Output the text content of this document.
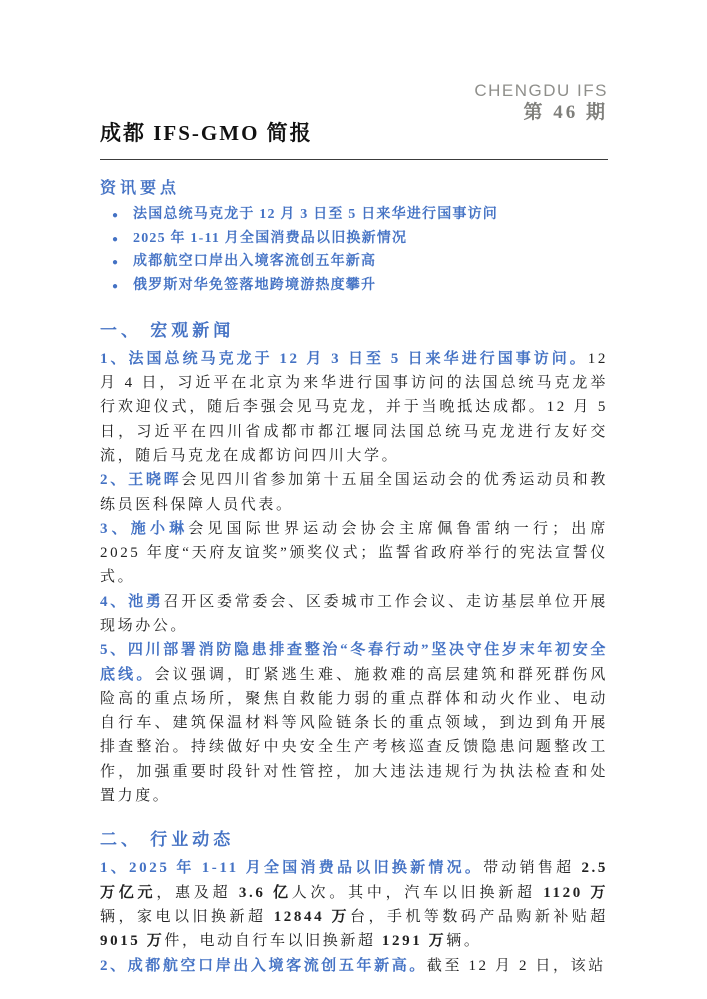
CHENGDU IFS
第 46 期
成都 IFS-GMO 简报
资讯要点
● 法国总统马克龙于 12 月 3 日至 5 日来华进行国事访问
● 2025 年 1-11 月全国消费品以旧换新情况
● 成都航空口岸出入境客流创五年新高
● 俄罗斯对华免签落地跨境游热度攀升
一、 宏观新闻

1、法国总统马克龙于 12 月 3 日至 5 日来华进行国事访问。12 月 4 日，习近平在北京为来华进行国事访问的法国总统马克龙举行欢迎仪式，随后李强会见马克龙，并于当晚抵达成都。12 月 5 日，习近平在四川省成都市都江堰同法国总统马克龙进行友好交流，随后马克龙在成都访问四川大学。

2、王晓晖会见四川省参加第十五届全国运动会的优秀运动员和教练员医科保障人员代表。

3、施小琳会见国际世界运动会协会主席佩鲁雷纳一行；出席 2025 年度“天府友谊奖”颁奖仪式；监誓省政府举行的宪法宣誓仪式。

4、池勇召开区委常委会、区委城市工作会议、走访基层单位开展现场办公。

5、四川部署消防隐患排查整治“冬春行动”坚决守住岁末年初安全底线。会议强调，盯紧逃生难、施救难的高层建筑和群死群伤风险高的重点场所，聚焦自救能力弱的重点群体和动火作业、电动自行车、建筑保温材料等风险链条长的重点领域，到边到角开展排查整治。持续做好中央安全生产考核巡查反馈隐患问题整改工作，加强重要时段针对性管控，加大违法违规行为执法检查和处置力度。

二、 行业动态

1、2025 年 1-11 月全国消费品以旧换新情况。带动销售超 2.5 万亿元，惠及超 3.6 亿人次。其中，汽车以旧换新超 1120 万辆，家电以旧换新超 12844 万台，手机等数码产品购新补贴超 9015 万件，电动自行车以旧换新超 1291 万辆。

2、成都航空口岸出入境客流创五年新高。截至 12 月 2 日，该站
